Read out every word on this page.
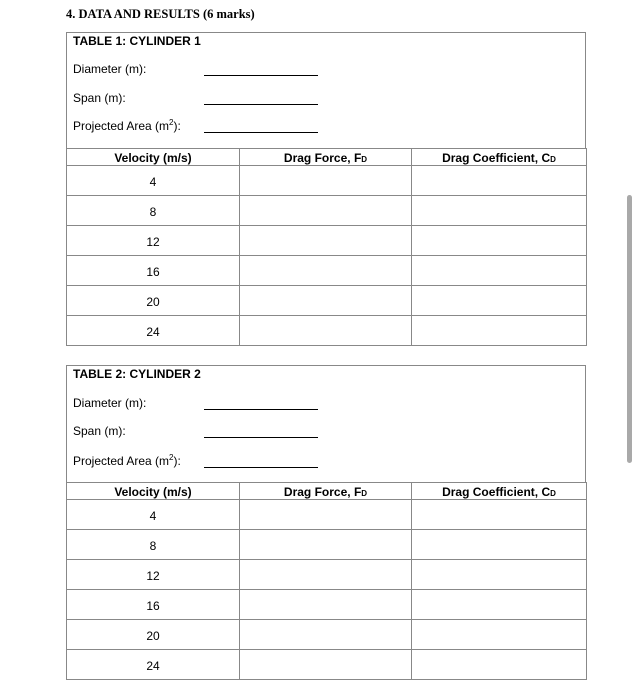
4. DATA AND RESULTS (6 marks)
TABLE 1: CYLINDER 1
Diameter (m):
Span (m):
Projected Area $(m^2)$:
Velocity (m/s)	Drag Force, FD	Drag Coefficient, CD
4		
8		
12		
16		
20		
24		
TABLE 2: CYLINDER 2
Diameter (m):
Span (m):
Projected Area $(m^2)$:
Velocity (m/s)	Drag Force, FD	Drag Coefficient, CD
4		
8		
12		
16		
20		
24		
